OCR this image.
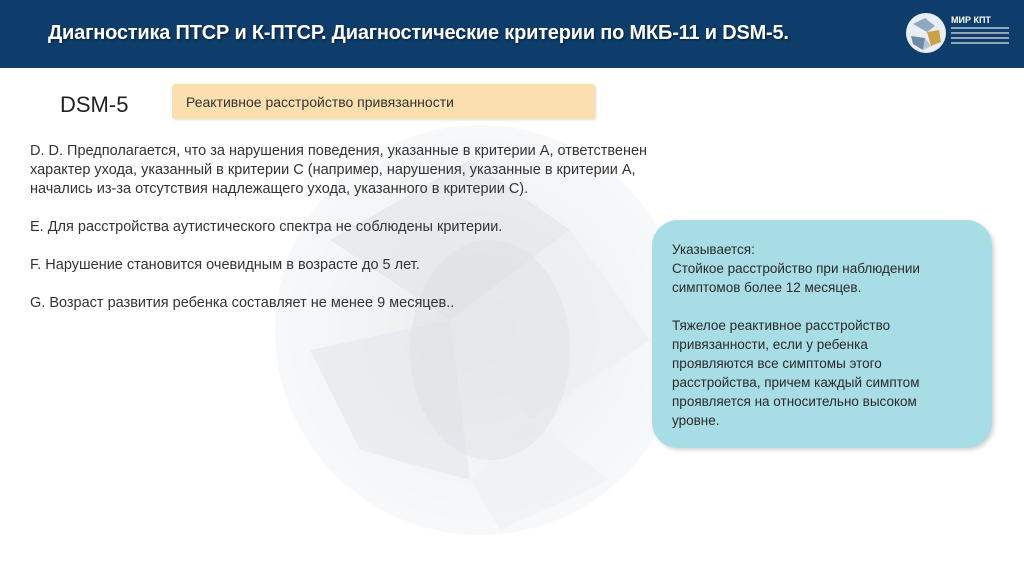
Диагностика ПТСР и К-ПТСР. Диагностические критерии по МКБ-11 и DSM-5.
МИР КПТ
DSM-5	Реактивное расстройство привязанности

D. D. Предполагается, что за нарушения поведения, указанные в критерии А, ответственен
характер ухода, указанный в критерии С (например, нарушения, указанные в критерии А,
начались из-за отсутствия надлежащего ухода, указанного в критерии С).

E. Для расстройства аутистического спектра не соблюдены критерии.

F. Нарушение становится очевидным в возрасте до 5 лет.

G. Возраст развития ребенка составляет не менее 9 месяцев..

Указывается:

Стойкое расстройство при наблюдении
симптомов более 12 месяцев.

Тяжелое реактивное расстройство
привязанности, если у ребенка
проявляются все симптомы этого
расстройства, причем каждый симптом
проявляется на относительно высоком
уровне.
